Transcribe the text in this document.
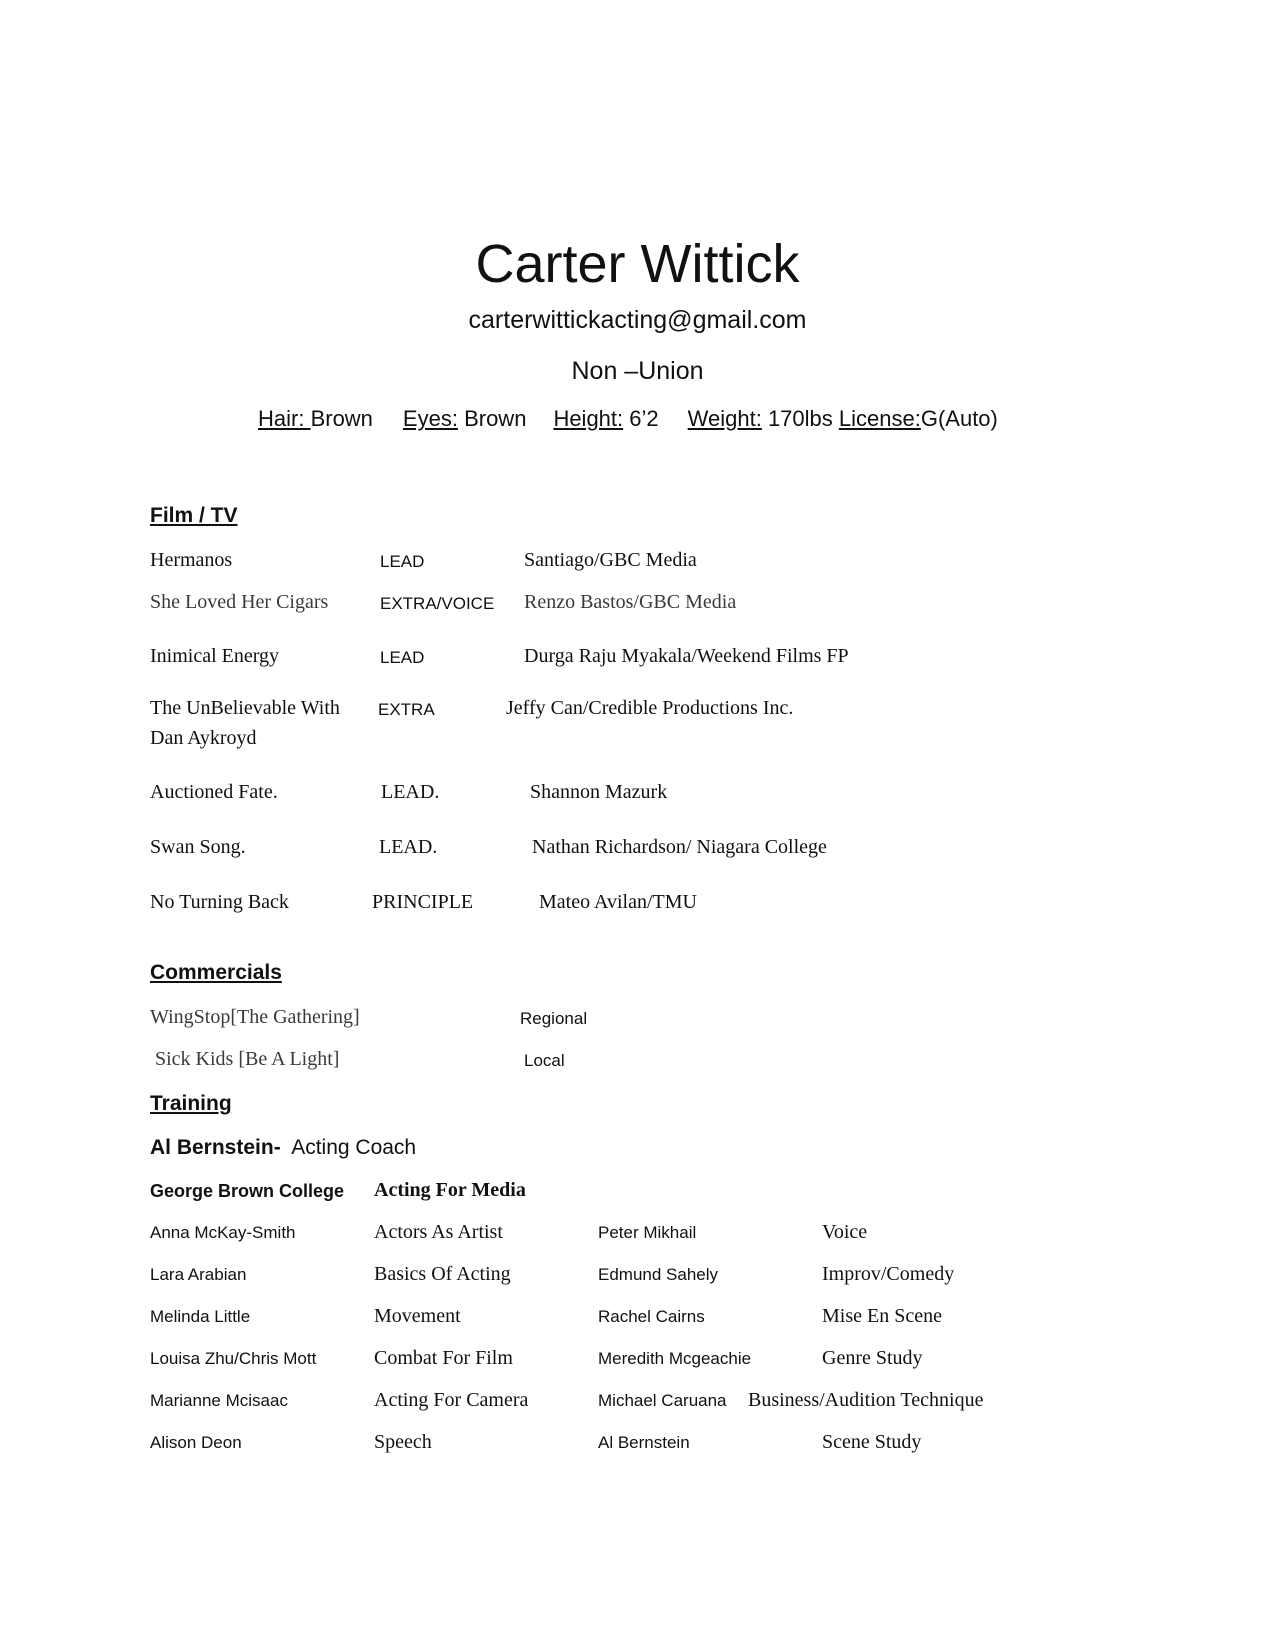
Carter Wittick
carterwittickacting@gmail.com
Non –Union
Hair: Brown Eyes: Brown Height: 6’2 Weight: 170lbs License:G(Auto)
Film / TV
Hermanos	LEAD	Santiago/GBC Media
She Loved Her Cigars	EXTRA/VOICE Renzo Bastos/GBC Media
Inimical Energy	LEAD	Durga Raju Myakala/Weekend Films FP
The UnBelievable With
Dan Aykroyd
EXTRA	Jeffy Can/Credible Productions Inc.
Auctioned Fate.	LEAD.	Shannon Mazurk
Swan Song.	LEAD.	Nathan Richardson/ Niagara College
No Turning Back	PRINCIPLE	Mateo Avilan/TMU
Commercials
WingStop[The Gathering]	Regional
Sick Kids [Be A Light]	Local
Training
Al Bernstein-  Acting Coach
George Brown College Acting For Media
Anna McKay-Smith	Actors As Artist	Peter Mikhail	Voice
Lara Arabian	Basics Of Acting	Edmund Sahely	Improv/Comedy
Melinda Little	Movement	Rachel Cairns	Mise En Scene
Louisa Zhu/Chris Mott	Combat For Film	Meredith Mcgeachie	Genre Study
Marianne Mcisaac	Acting For Camera	Michael Caruana Business/Audition Technique
Alison Deon	Speech	Al Bernstein	Scene Study
